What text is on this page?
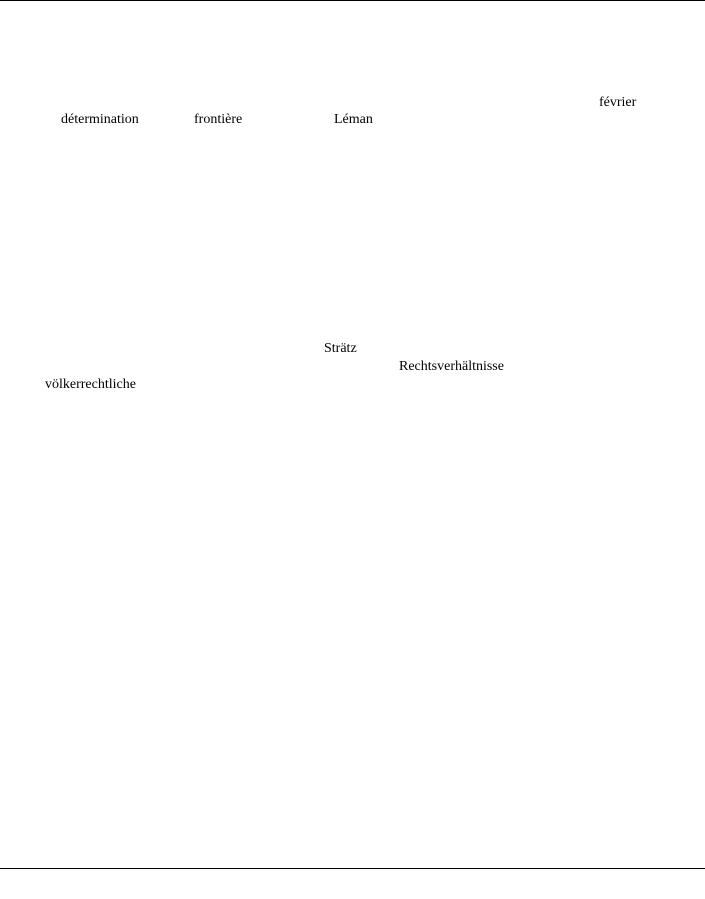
février
détermination	frontière	Léman
Strätz
Rechtsverhältnisse
völkerrechtliche
